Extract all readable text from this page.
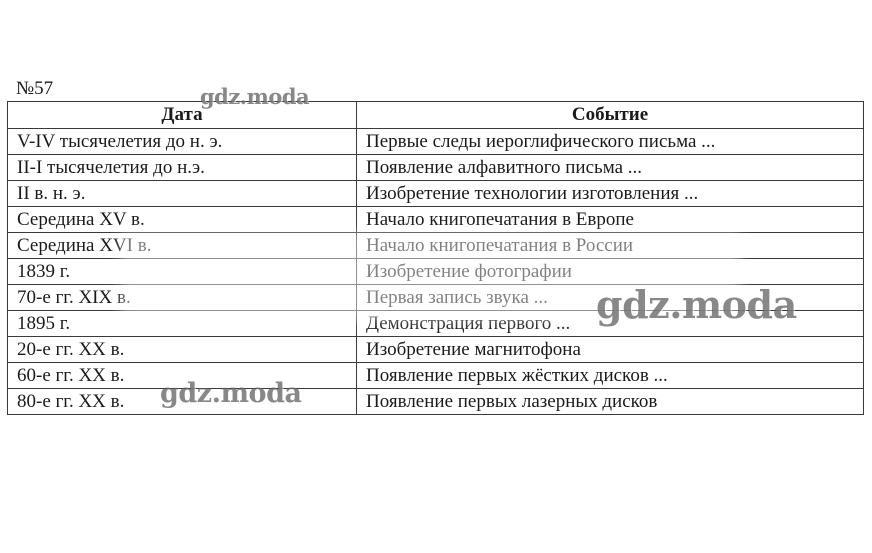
№57
Дата	Событие
V-IV тысячелетия до н. э.	Первые следы иероглифического письма ...
II-I тысячелетия до н.э.	Появление алфавитного письма ...
II в. н. э.	Изобретение технологии изготовления ...
Середина XV в.	Начало книгопечатания в Европе
Середина XVI в.	Начало книгопечатания в России
1839 г.	Изобретение фотографии
70-е гг. XIX в.	Первая запись звука ...
1895 г.	Демонстрация первого ...
20-е гг. XX в.	Изобретение магнитофона
60-е гг. XX в.	Появление первых жёстких дисков ...
80-е гг. XX в.	Появление первых лазерных дисков
gdz.moda
gdz.moda
gdz.moda
